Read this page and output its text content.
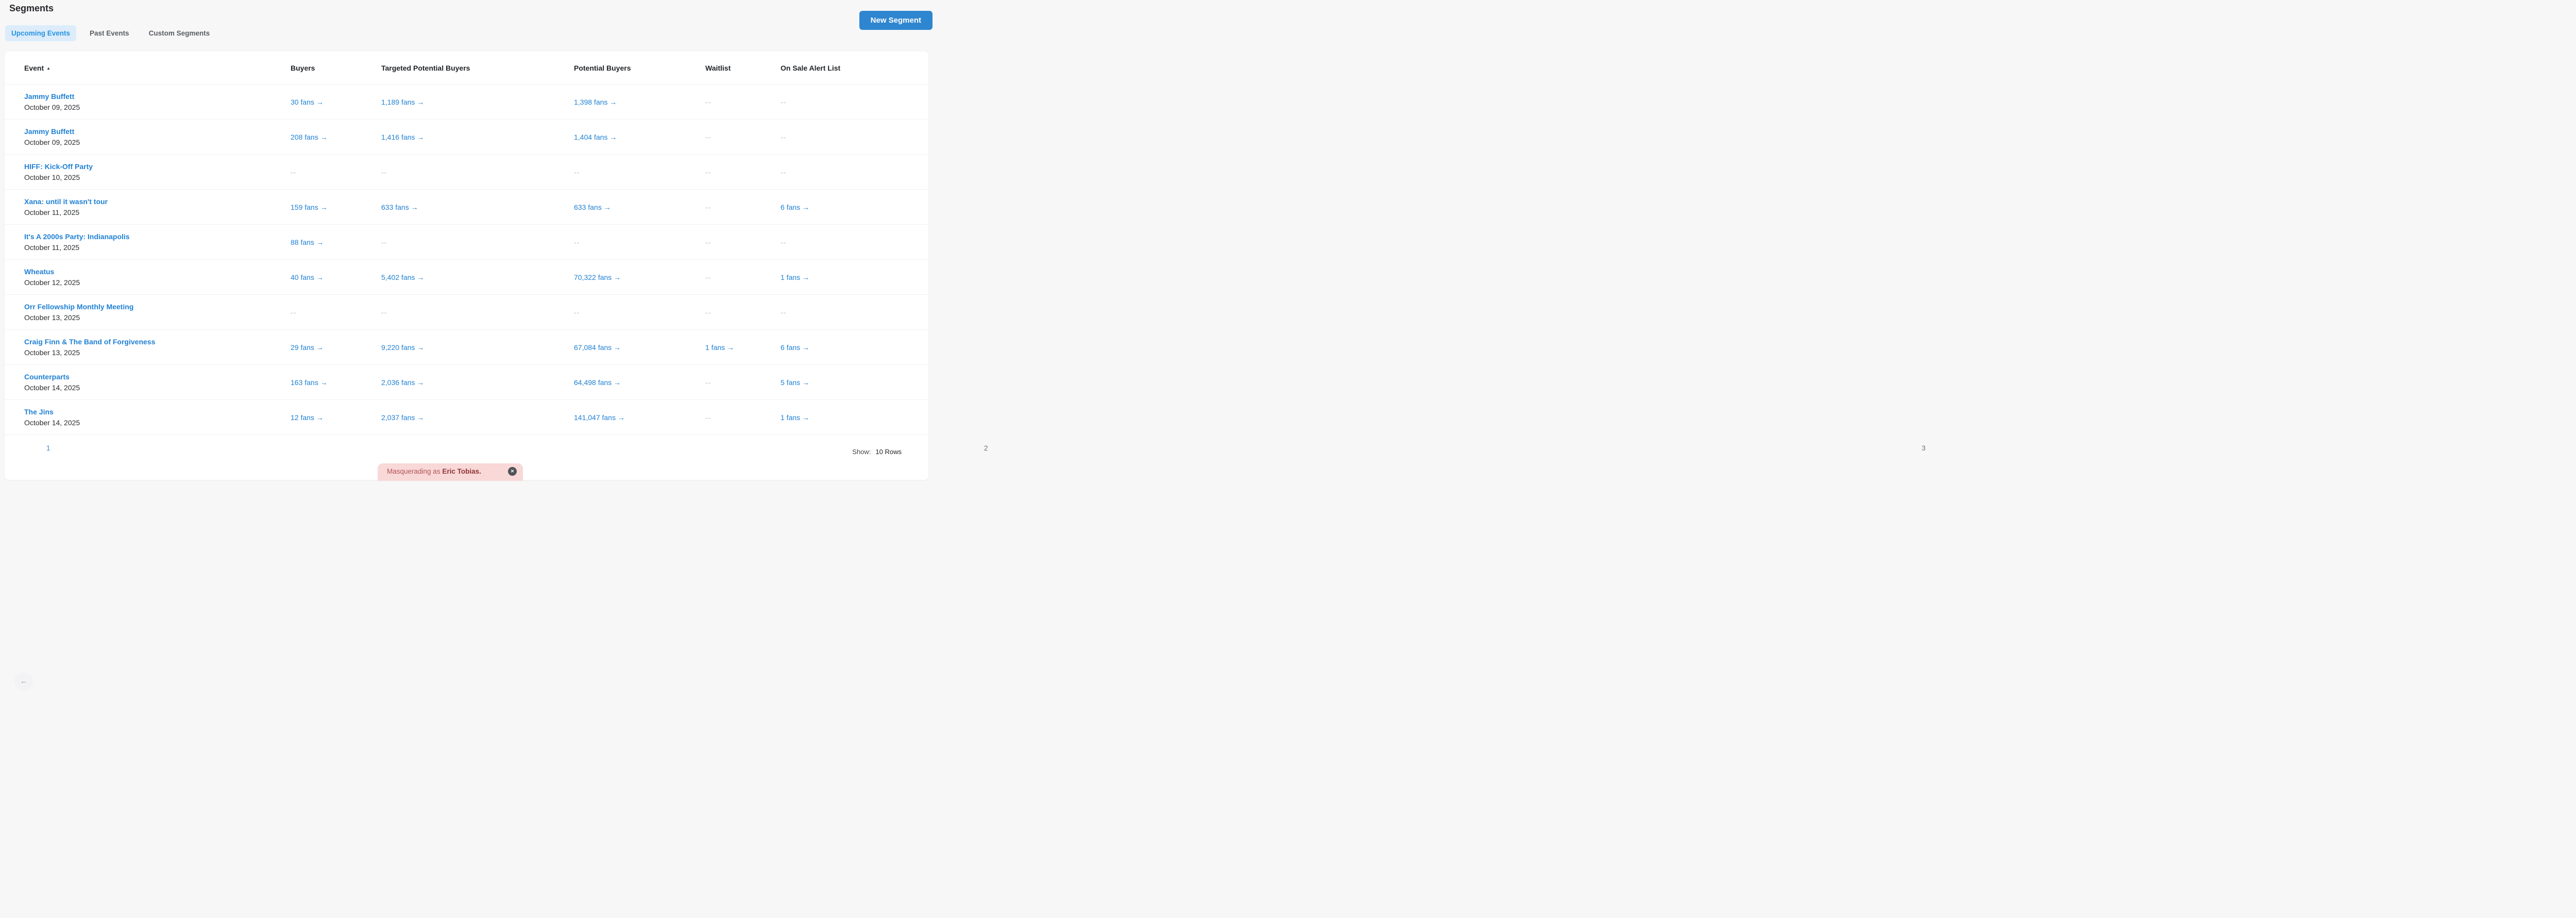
Segments
New Segment
Upcoming Events	Past Events	Custom Segments
Event ▲	Buyers	Targeted Potential Buyers	Potential Buyers	Waitlist	On Sale Alert List
Jammy Buffett
October 09, 2025
30 fans →	1,189 fans →	1,398 fans →	--	--
Jammy Buffett
October 09, 2025
208 fans →	1,416 fans →	1,404 fans →	--	--
HIFF: Kick-Off Party
October 10, 2025
--	--	--	--	--
Xana: until it wasn't tour
October 11, 2025
159 fans →	633 fans →	633 fans →	--	6 fans →
It's A 2000s Party: Indianapolis
October 11, 2025
88 fans →	--	--	--	--
Wheatus
October 12, 2025
40 fans →	5,402 fans →	70,322 fans →	--	1 fans →
Orr Fellowship Monthly Meeting
October 13, 2025
--	--	--	--	--
Craig Finn & The Band of Forgiveness
October 13, 2025
29 fans →	9,220 fans →	67,084 fans →	1 fans →	6 fans →
Counterparts
October 14, 2025
163 fans →	2,036 fans →	64,498 fans →	--	5 fans →
The Jins
October 14, 2025
12 fans →	2,037 fans →	141,047 fans →	--	1 fans →
←
1	2	3
Show: 10 Rows
Masquerading as Eric Tobias.	✕
